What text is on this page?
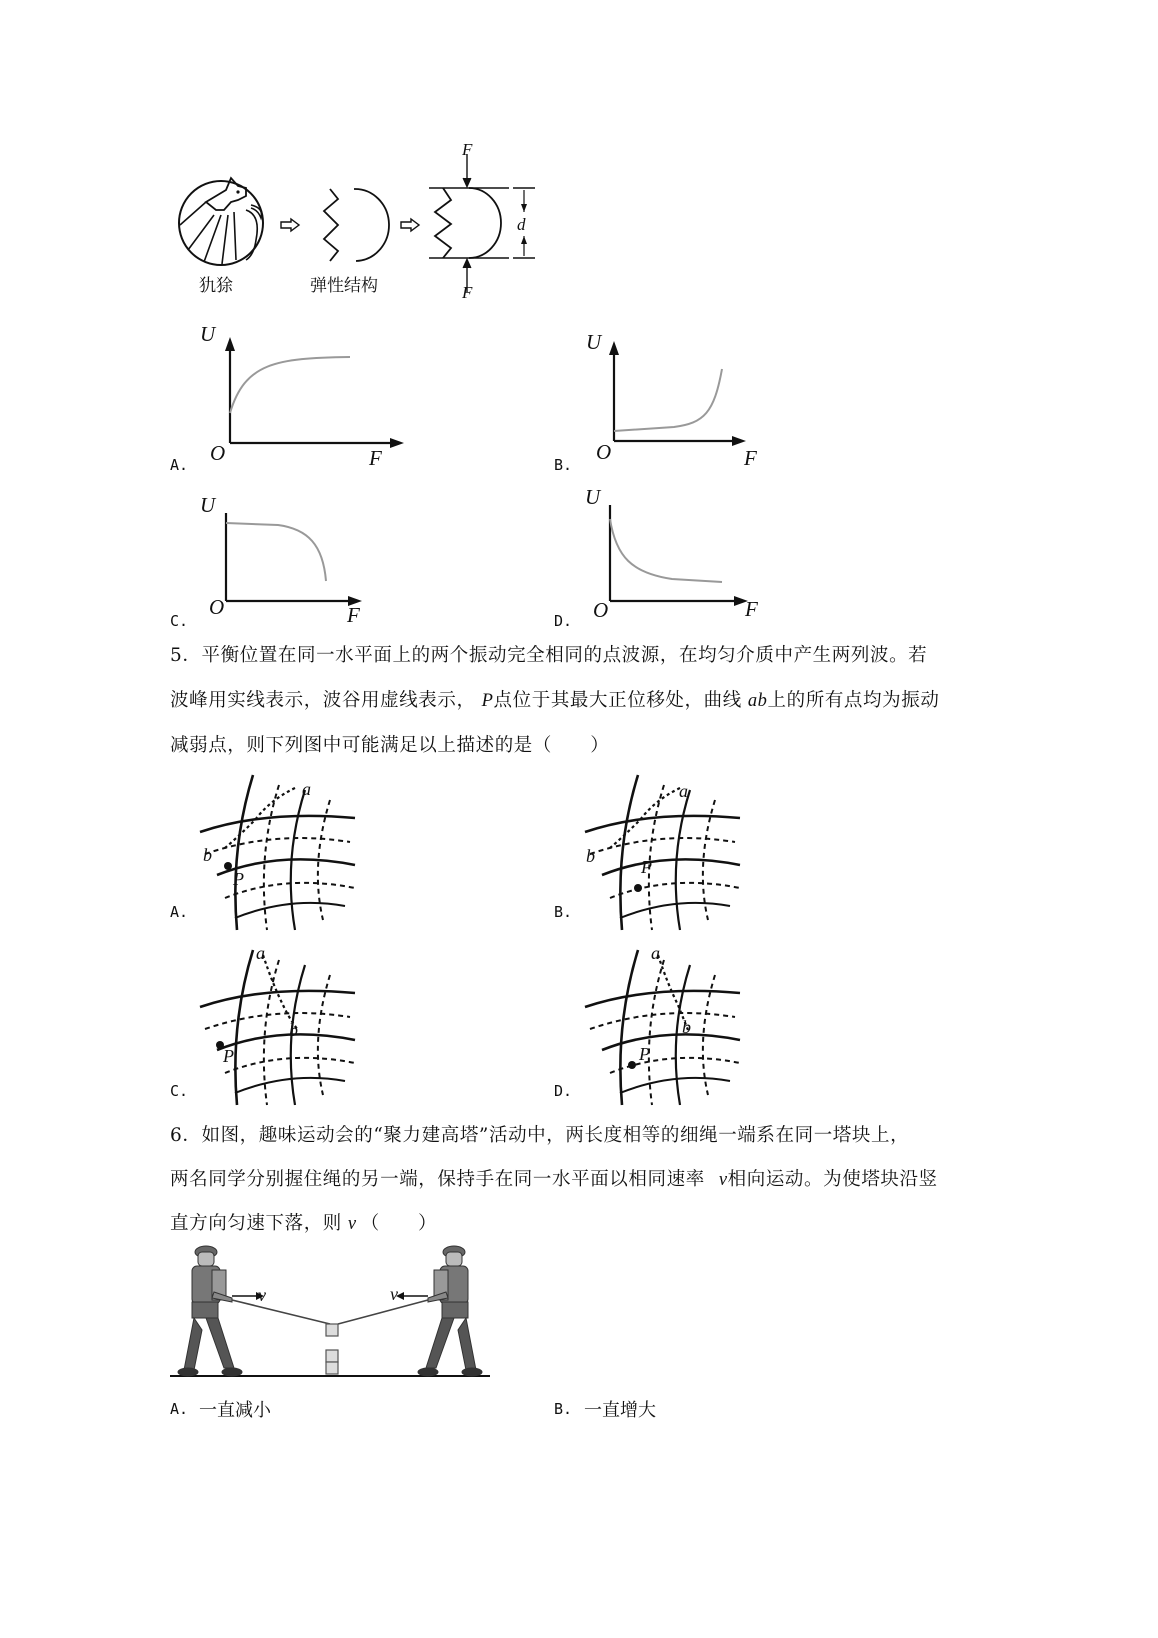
犰狳	弹性结构
F
F
d
U
O	F
A.
U
O	F
B.
U
O	F
C.
U
O	F
D.
5．平衡位置在同一水平面上的两个振动完全相同的点波源，在均匀介质中产生两列波。若
波峰用实线表示，波谷用虚线表示， P点位于其最大正位移处，曲线 ab上的所有点均为振动
减弱点，则下列图中可能满足以上描述的是（　　）
a
b
P
A.
a
b
P
B.
a
b
P
C.
a
b
P
D.
6．如图，趣味运动会的“聚力建高塔”活动中，两长度相等的细绳一端系在同一塔块上，
两名同学分别握住绳的另一端，保持手在同一水平面以相同速率 v相向运动。为使塔块沿竖
直方向匀速下落，则 v （　　）
v	v
A. 一直减小	B. 一直增大
